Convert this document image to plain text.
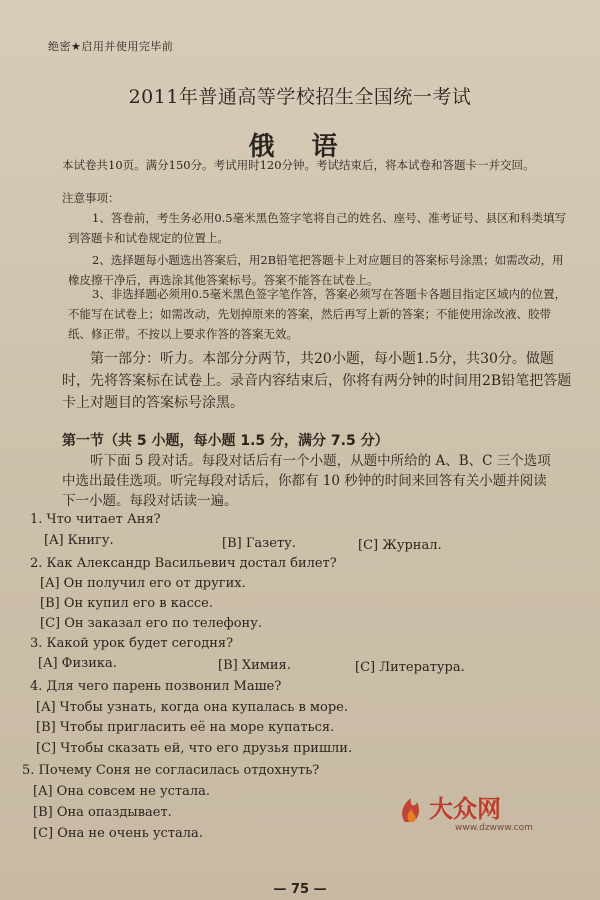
绝密★启用并使用完毕前
2011年普通高等学校招生全国统一考试
俄 语
本试卷共10页。满分150分。考试用时120分钟。考试结束后，将本试卷和答题卡一并交回。
注意事项：
1、答卷前，考生务必用0.5毫米黑色签字笔将自己的姓名、座号、准考证号、县区和科类填写到答题卡和试卷规定的位置上。
2、选择题每小题选出答案后，用2B铅笔把答题卡上对应题目的答案标号涂黑；如需改动，用橡皮擦干净后，再选涂其他答案标号。答案不能答在试卷上。
3、非选择题必须用0.5毫米黑色签字笔作答，答案必须写在答题卡各题目指定区域内的位置，不能写在试卷上；如需改动，先划掉原来的答案，然后再写上新的答案；不能使用涂改液、胶带纸、修正带。不按以上要求作答的答案无效。
第一部分：听力。本部分分两节，共20小题，每小题1.5分，共30分。做题时，先将答案标在试卷上。录音内容结束后，你将有两分钟的时间用2B铅笔把答题卡上对题目的答案标号涂黑。
第一节（共 5 小题，每小题 1.5 分，满分 7.5 分）
听下面 5 段对话。每段对话后有一个小题，从题中所给的 A、B、C 三个选项中选出最佳选项。听完每段对话后，你都有 10 秒钟的时间来回答有关小题并阅读下一小题。每段对话读一遍。
1. Что читает Аня?
[A] Книгу.	[B] Газету.	[C] Журнал.
2. Как Александр Васильевич достал билет?
[A] Он получил его от других.
[B] Он купил его в кассе.
[C] Он заказал его по телефону.
3. Какой урок будет сегодня?
[A] Физика.	[B] Химия.	[C] Литература.
4. Для чего парень позвонил Маше?
[A] Чтобы узнать, когда она купалась в море.
[B] Чтобы пригласить её на море купаться.
[C] Чтобы сказать ей, что его друзья пришли.
5. Почему Соня не согласилась отдохнуть?
[A] Она совсем не устала.
[B] Она опаздывает.
[C] Она не очень устала.
大众网
www.dzwww.com
— 75 —
